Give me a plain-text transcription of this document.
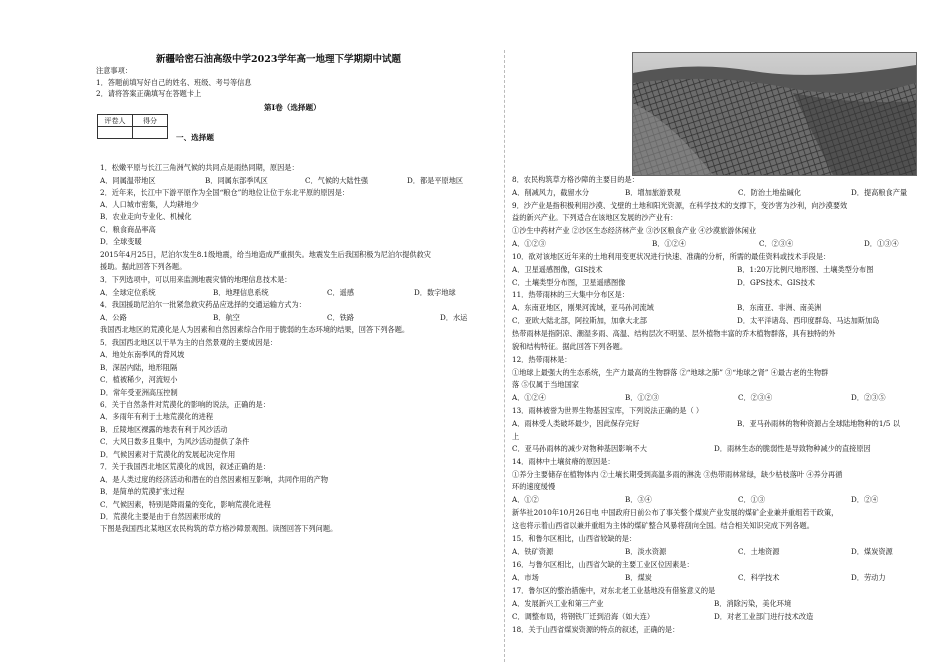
新疆哈密石油高级中学2023学年高一地理下学期期中试题
注意事项：
1．答题前填写好自己的姓名、班级、考号等信息
2．请将答案正确填写在答题卡上
第Ⅰ卷（选择题）
评卷人	得分

一、选择题
1．松嫩平原与长江三角洲气候的共同点是雨热同期，原因是：
A．同属温带地区	B．同属东部季风区	C．气候的大陆性强	D．都是平原地区
2．近年来，长江中下游平原作为全国“粮仓”的地位让位于东北平原的原因是：
A．人口城市密集，人均耕地少
B．农业走向专业化、机械化
C．粮食商品率高
D．全球变暖
2015年4月25日，尼泊尔发生8.1级地震，给当地造成严重损失。地震发生后我国积极为尼泊尔提供救灾
援助。据此回答下列各题。
3．下列选项中，可以用来监测地震灾情的地理信息技术是：
A．全球定位系统	B．地理信息系统	C．遥感	D．数字地球
4．我国援助尼泊尔一批紧急救灾药品应选择的交通运输方式为：
A．公路	B．航空	C．铁路	D．水运
我国西北地区的荒漠化是人为因素和自然因素综合作用于脆弱的生态环境的结果，回答下列各题。
5．我国西北地区以干旱为主的自然景观的主要成因是：
A．地处东南季风的背风坡
B．深居内陆，地形阻隔
C．植被稀少，河流短小
D．常年受亚洲高压控制
6．关于自然条件对荒漠化的影响的说法，正确的是：
A．多雨年有利于土地荒漠化的进程
B．丘陵地区裸露的地表有利于风沙活动
C．大风日数多且集中，为风沙活动提供了条件
D．气候因素对于荒漠化的发展起决定作用
7．关于我国西北地区荒漠化的成因，叙述正确的是：
A．是人类过度的经济活动和潜在的自然因素相互影响，共同作用的产物
B．是简单的荒漠扩张过程
C．气候因素，特别是降雨量的变化，影响荒漠化进程
D．荒漠化主要是由于自然因素形成的
下图是我国西北某地区农民构筑的草方格沙障景观图。读图回答下列问题。
8．农民构筑草方格沙障的主要目的是：
A．削减风力，截留水分	B．增加旅游景观	C．防治土地盐碱化	D．提高粮食产量
9．沙产业是指积极利用沙漠、戈壁的土地和阳光资源，在科学技术的支撑下，变沙害为沙利，向沙漠要效
益的新兴产业。下列适合在该地区发展的沙产业有：
①沙生中药材产业 ②沙区生态经济林产业 ③沙区粮食产业 ④沙漠旅游休闲业
A．①②③	B．①②④	C．②③④	D．①③④
10．欲对该地区近年来的土地利用变更状况进行快速、准确的分析，所需的最佳资料或技术手段是：
A．卫星遥感图像，GIS技术	B．1:20万比例尺地形图、土壤类型分布图
C．土壤类型分布图，卫星遥感图像	D．GPS技术、GIS技术
11．热带雨林的三大集中分布区是：
A．东南亚地区，刚果河流域，亚马孙河流域	B．东南亚、非洲、南美洲
C．亚欧大陆北部，阿拉斯加，加拿大北部	D．太平洋诸岛、西印度群岛、马达加斯加岛
热带雨林是指阴凉、潮湿多雨、高温、结构层次不明显、层外植物丰富的乔木植物群落，具有独特的外
貌和结构特征。据此回答下列各题。
12．热带雨林是：
①地球上最强大的生态系统，生产力最高的生物群落 ②“地球之肺” ③“地球之肾” ④最古老的生物群
落 ⑤仅属于当地国家
A．①②④	B．①②③	C．②③④	D．②③⑤
13．雨林被誉为世界生物基因宝库，下列说法正确的是（ ）
A．雨林受人类破坏最少，因此保存完好	B．亚马孙雨林的物种资源占全球陆地物种的1/5 以
上
C．亚马孙雨林的减少对物种基因影响不大	D．雨林生态的脆弱性是导致物种减少的直接原因
14．雨林中土壤贫瘠的原因是：
①养分主要储存在植物体内 ②土壤长期受到高温多雨的淋洗 ③热带雨林常绿，缺少枯枝落叶 ④养分再循
环的速度缓慢
A．①②	B．③④	C．①③	D．②④
新华社2010年10月26日电 中国政府日前公布了事关整个煤炭产业发展的煤矿企业兼并重组若干政策，
这也将示着山西省以兼并重组为主体的煤矿整合风暴将刮向全国。结合相关知识完成下列各题。
15．和鲁尔区相比，山西省较缺的是：
A．铁矿资源	B．淡水资源	C．土地资源	D．煤炭资源
16．与鲁尔区相比，山西省欠缺的主要工业区位因素是：
A．市场	B．煤炭	C．科学技术	D．劳动力
17．鲁尔区的整治措施中，对东北老工业基地没有借鉴意义的是
A．发展新兴工业和第三产业	B．消除污染，美化环境
C．调整布局，将钢铁厂迁到沿海（如大连）	D．对老工业部门进行技术改造
18．关于山西省煤炭资源的特点的叙述，正确的是：
